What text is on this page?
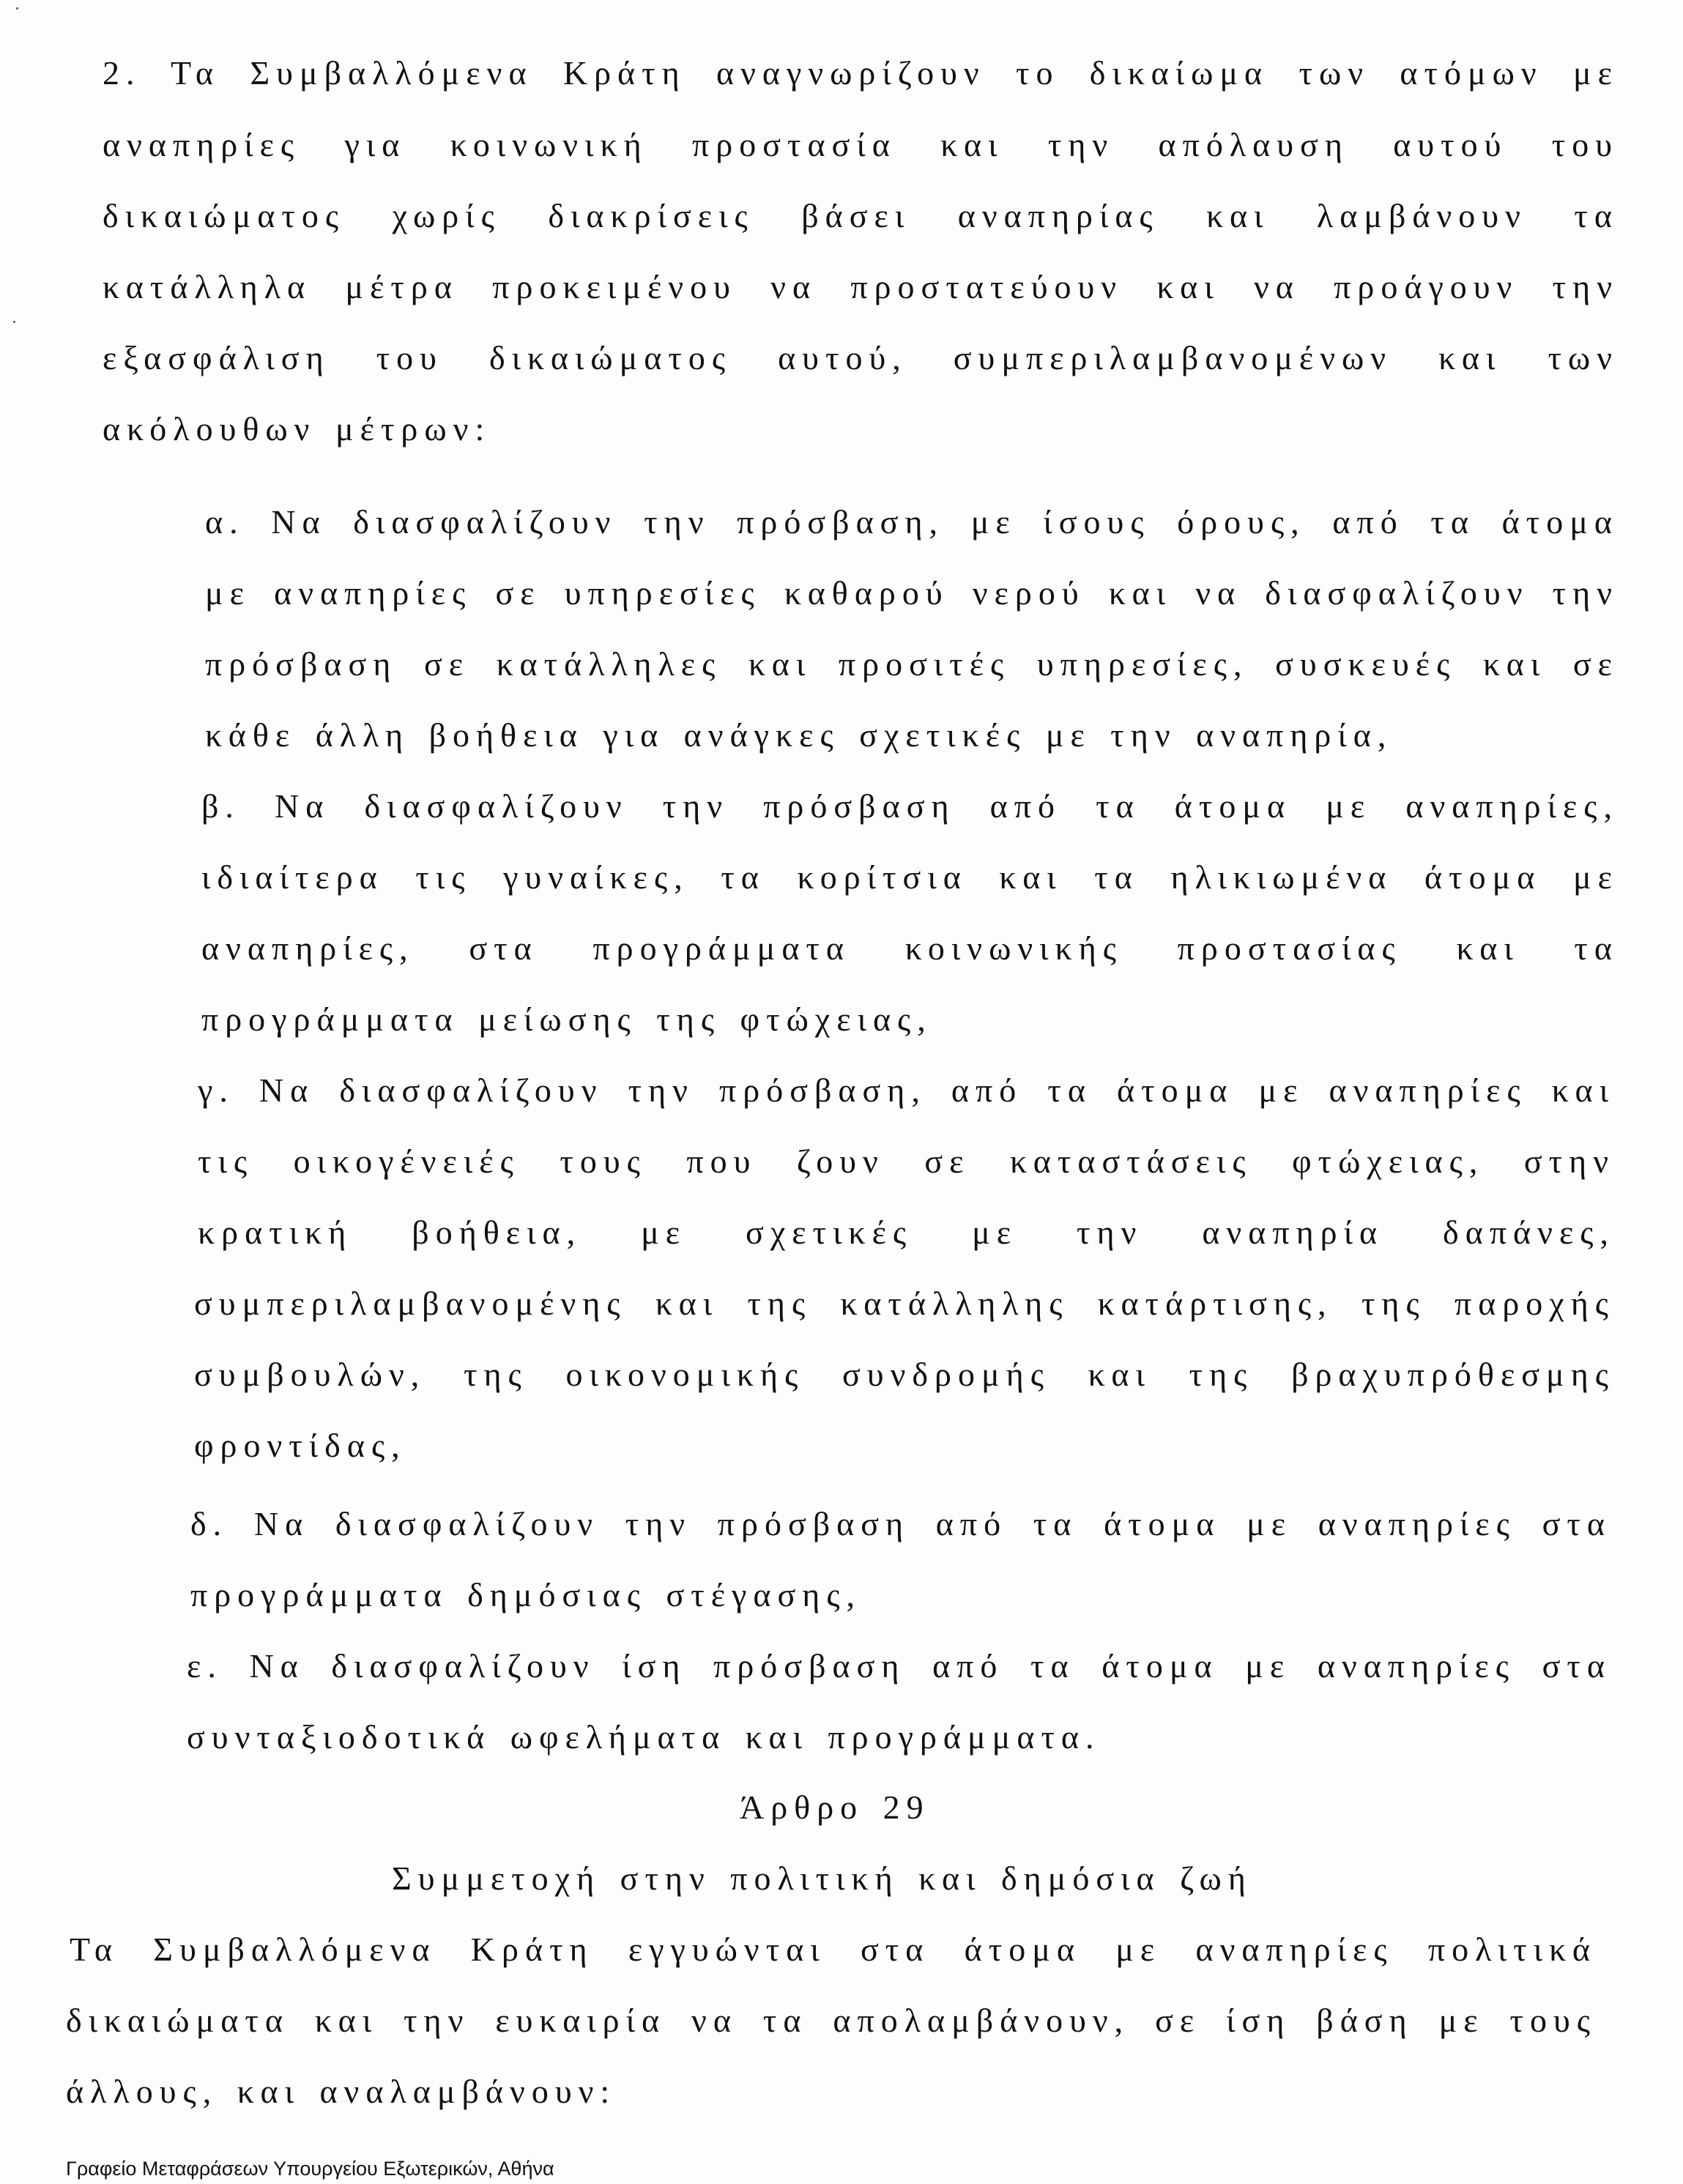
2. Τα Συμβαλλόμενα Κράτη αναγνωρίζουν το δικαίωμα των ατόμων με
αναπηρίες για κοινωνική προστασία και την απόλαυση αυτού του
δικαιώματος χωρίς διακρίσεις βάσει αναπηρίας και λαμβάνουν τα
κατάλληλα μέτρα προκειμένου να προστατεύουν και να προάγουν την
εξασφάλιση του δικαιώματος αυτού, συμπεριλαμβανομένων και των
ακόλουθων μέτρων:
α. Να διασφαλίζουν την πρόσβαση, με ίσους όρους, από τα άτομα
με αναπηρίες σε υπηρεσίες καθαρού νερού και να διασφαλίζουν την
πρόσβαση σε κατάλληλες και προσιτές υπηρεσίες, συσκευές και σε
κάθε άλλη βοήθεια για ανάγκες σχετικές με την αναπηρία,
β. Να διασφαλίζουν την πρόσβαση από τα άτομα με αναπηρίες,
ιδιαίτερα τις γυναίκες, τα κορίτσια και τα ηλικιωμένα άτομα με
αναπηρίες, στα προγράμματα κοινωνικής προστασίας και τα
προγράμματα μείωσης της φτώχειας,
γ. Να διασφαλίζουν την πρόσβαση, από τα άτομα με αναπηρίες και
τις οικογένειές τους που ζουν σε καταστάσεις φτώχειας, στην
κρατική βοήθεια, με σχετικές με την αναπηρία δαπάνες,
συμπεριλαμβανομένης και της κατάλληλης κατάρτισης, της παροχής
συμβουλών, της οικονομικής συνδρομής και της βραχυπρόθεσμης
φροντίδας,
δ. Να διασφαλίζουν την πρόσβαση από τα άτομα με αναπηρίες στα
προγράμματα δημόσιας στέγασης,
ε. Να διασφαλίζουν ίση πρόσβαση από τα άτομα με αναπηρίες στα
συνταξιοδοτικά ωφελήματα και προγράμματα.
Άρθρο 29
Συμμετοχή στην πολιτική και δημόσια ζωή
Τα Συμβαλλόμενα Κράτη εγγυώνται στα άτομα με αναπηρίες πολιτικά
δικαιώματα και την ευκαιρία να τα απολαμβάνουν, σε ίση βάση με τους
άλλους, και αναλαμβάνουν:
Γραφείο Μεταφράσεων Υπουργείου Εξωτερικών, Αθήνα
